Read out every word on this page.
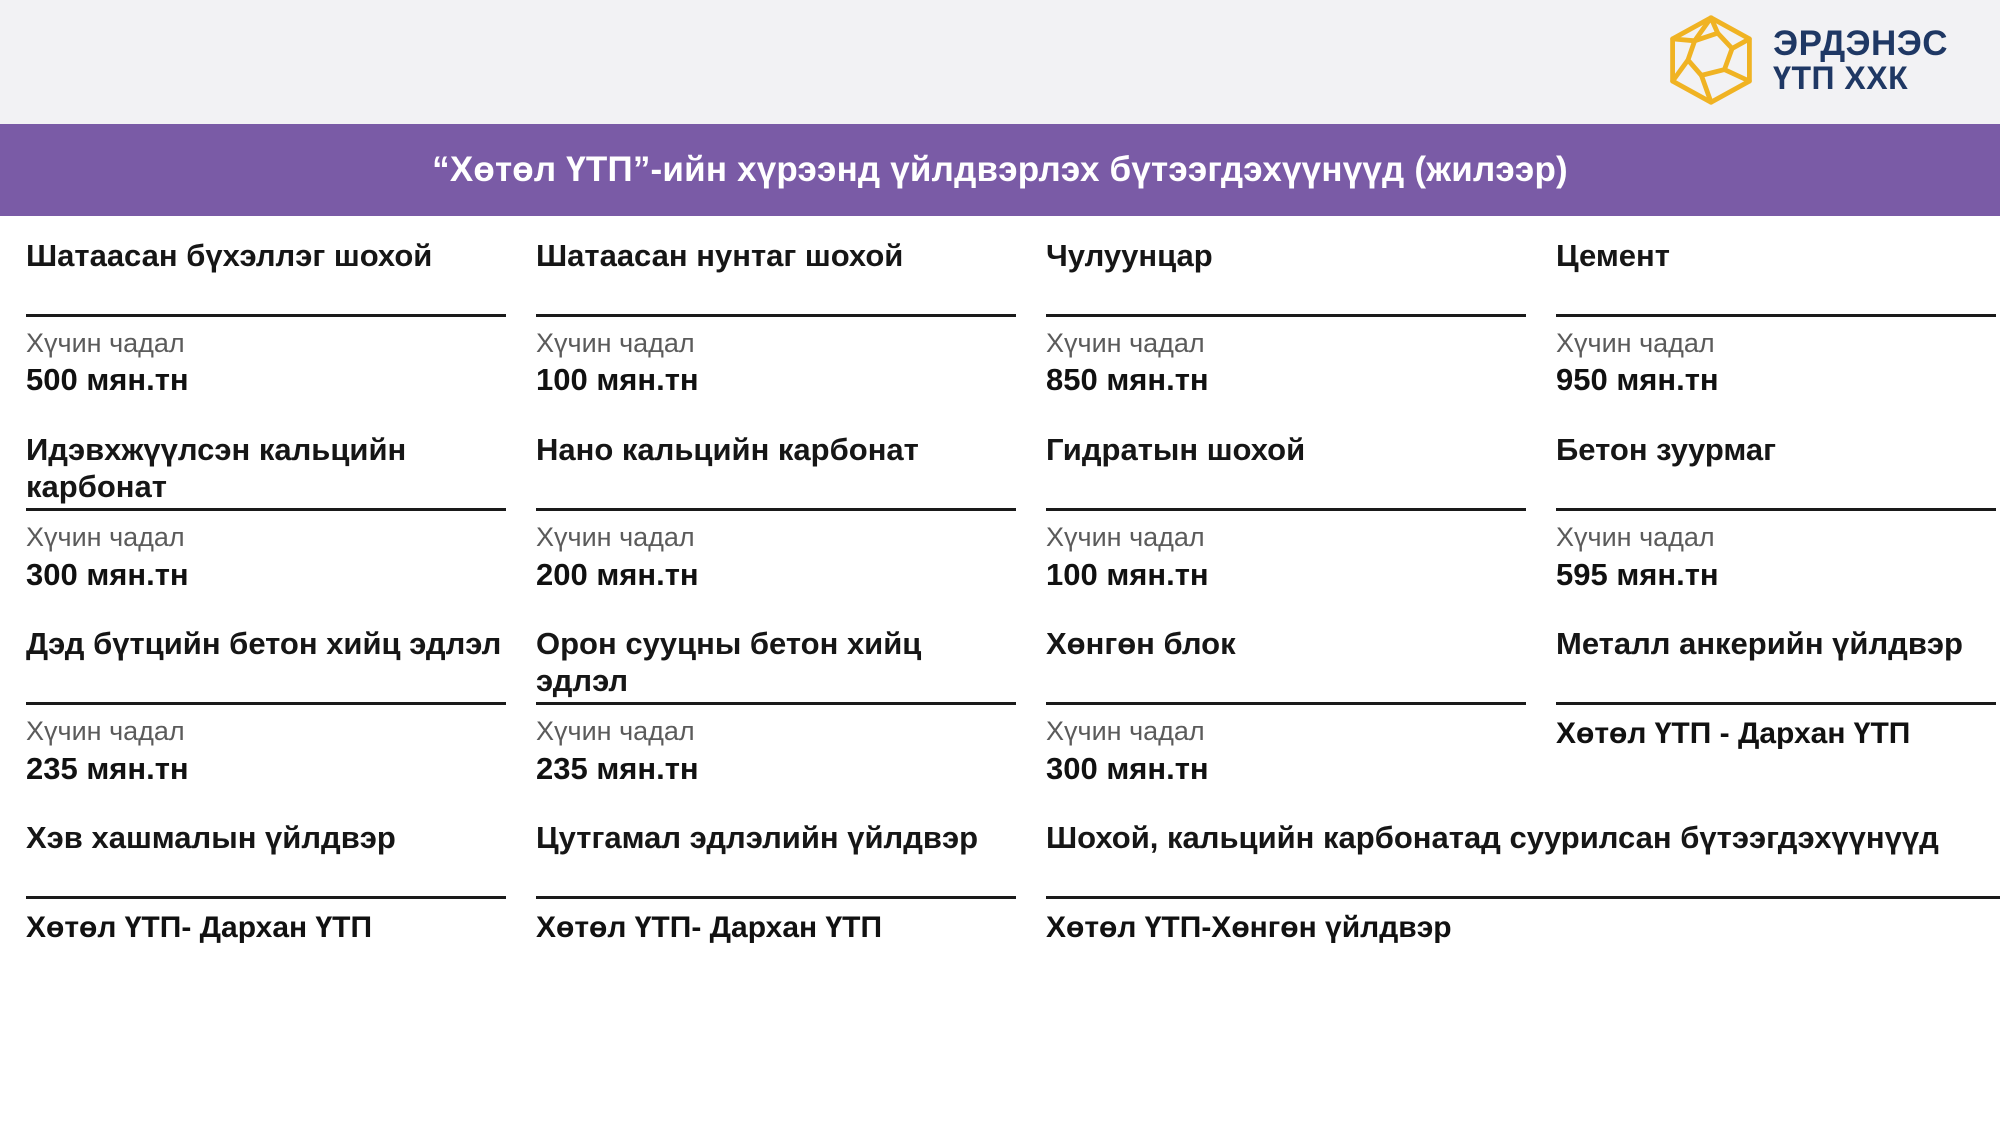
ЭРДЭНЭС
ҮТП ХХК
“Хөтөл ҮТП”-ийн хүрээнд үйлдвэрлэх бүтээгдэхүүнүүд (жилээр)
Шатаасан бүхэллэг шохой
Хүчин чадал
500 мян.тн
Идэвхжүүлсэн кальцийн карбонат
Хүчин чадал
300 мян.тн
Дэд бүтцийн бетон хийц эдлэл
Хүчин чадал
235 мян.тн
Хэв хашмалын үйлдвэр
Хөтөл ҮТП- Дархан ҮТП
Шатаасан нунтаг шохой
Хүчин чадал
100 мян.тн
Нано кальцийн карбонат
Хүчин чадал
200 мян.тн
Орон сууцны бетон хийц эдлэл
Хүчин чадал
235 мян.тн
Цутгамал эдлэлийн үйлдвэр
Хөтөл ҮТП- Дархан ҮТП
Чулуунцар
Хүчин чадал
850 мян.тн
Гидратын шохой
Хүчин чадал
100 мян.тн
Хөнгөн блок
Хүчин чадал
300 мян.тн
Шохой, кальцийн карбонатад суурилсан бүтээгдэхүүнүүд
Хөтөл ҮТП-Хөнгөн үйлдвэр
Цемент
Хүчин чадал
950 мян.тн
Бетон зуурмаг
Хүчин чадал
595 мян.тн
Металл анкерийн үйлдвэр
Хөтөл ҮТП - Дархан ҮТП
